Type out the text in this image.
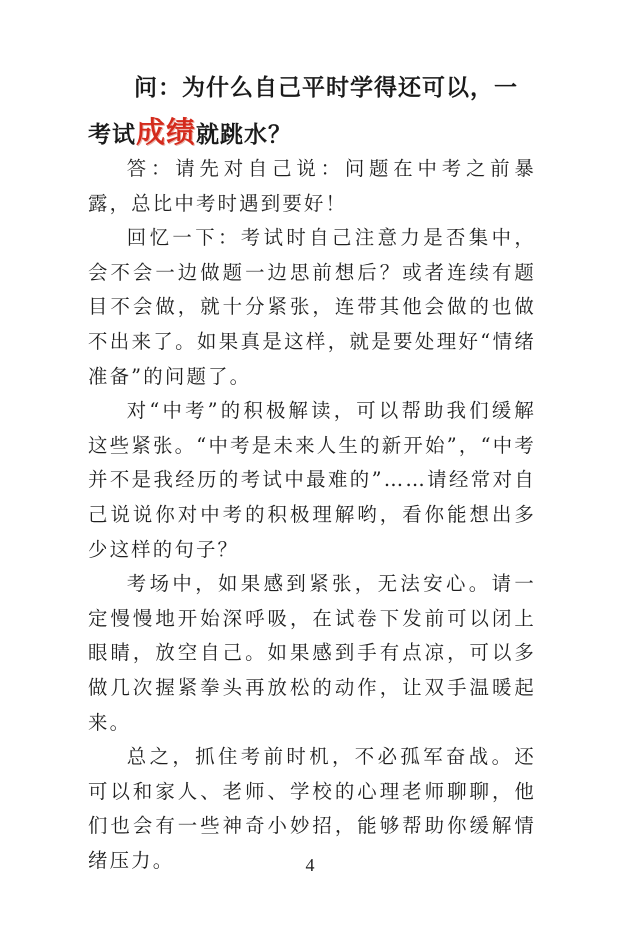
问：为什么自己平时学得还可以，一考试成绩就跳水？

答：请先对自己说：问题在中考之前暴露，总比中考时遇到要好！

回忆一下：考试时自己注意力是否集中，会不会一边做题一边思前想后？或者连续有题目不会做，就十分紧张，连带其他会做的也做不出来了。如果真是这样，就是要处理好“情绪准备”的问题了。

对“中考”的积极解读，可以帮助我们缓解这些紧张。“中考是未来人生的新开始”，“中考并不是我经历的考试中最难的”……请经常对自己说说你对中考的积极理解哟，看你能想出多少这样的句子？

考场中，如果感到紧张，无法安心。请一定慢慢地开始深呼吸，在试卷下发前可以闭上眼睛，放空自己。如果感到手有点凉，可以多做几次握紧拳头再放松的动作，让双手温暖起来。

总之，抓住考前时机，不必孤军奋战。还可以和家人、老师、学校的心理老师聊聊，他们也会有一些神奇小妙招，能够帮助你缓解情绪压力。	4
